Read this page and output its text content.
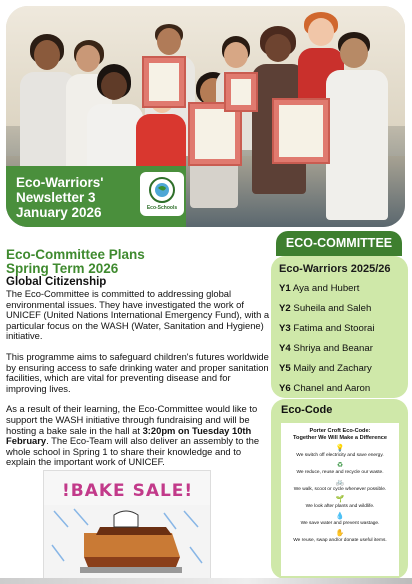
Eco-Warriors'
Newsletter 3
January 2026	Eco-Schools
Eco-Committee Plans
Spring Term 2026
Global Citizenship

The Eco-Committee is committed to addressing global environmental issues. They have investigated the work of UNICEF (United Nations International Emergency Fund), with a particular focus on the WASH (Water, Sanitation and Hygiene) initiative.

This programme aims to safeguard children's futures worldwide by ensuring access to safe drinking water and proper sanitation facilities, which are vital for preventing disease and for improving lives.

As a result of their learning, the Eco-Committee would like to support the WASH initiative through fundraising and will be hosting a bake sale in the hall at 3:20pm on Tuesday 10th February. The Eco-Team will also deliver an assembly to the whole school in Spring 1 to share their knowledge and to explain the important work of UNICEF.

!BAKE SALE!
ECO-COMMITTEE
Eco-Warriors 2025/26
Y1 Aya and Hubert
Y2 Suheila and Saleh
Y3 Fatima and Stoorai
Y4 Shriya and Beanar
Y5 Maily and Zachary
Y6 Chanel and Aaron
Eco-Code
Porter Croft Eco-Code:
Together We Will Make a Difference
💡
We switch off electricity and save energy.
♻
We reduce, reuse and recycle our waste.
🚲
We walk, scoot or cycle whenever possible.
🌱
We look after plants and wildlife.
💧
We save water and prevent wastage.
✋
We reuse, swap and/or donate useful items.
